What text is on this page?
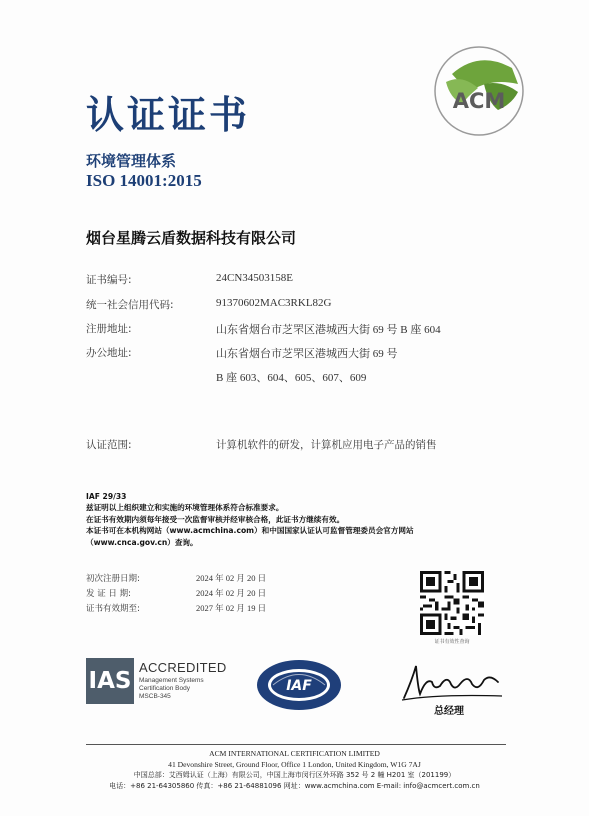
ACM
认证证书
环境管理体系
ISO 14001:2015
烟台星腾云盾数据科技有限公司
证书编号:	24CN34503158E
统一社会信用代码:	91370602MAC3RKL82G
注册地址:	山东省烟台市芝罘区港城西大街 69 号 B 座 604
办公地址:	山东省烟台市芝罘区港城西大街 69 号
B 座 603、604、605、607、609
认证范围:	计算机软件的研发，计算机应用电子产品的销售
IAF 29/33
兹证明以上组织建立和实施的环境管理体系符合标准要求。
在证书有效期内须每年接受一次监督审核并经审核合格，此证书方继续有效。
本证书可在本机构网站（www.acmchina.com）和中国国家认证认可监督管理委员会官方网站
（www.cnca.gov.cn）查询。
初次注册日期:	2024 年 02 月 20 日
发 证 日 期:	2024 年 02 月 20 日
证书有效期至:	2027 年 02 月 19 日
证书有效性查询
IAS
ACCREDITED
Management Systems
Certification Body
MSCB-345
IAF
总经理
ACM INTERNATIONAL CERTIFICATION LIMITED
41 Devonshire Street, Ground Floor, Office 1 London, United Kingdom, W1G 7AJ
中国总部：艾西姆认证（上海）有限公司，中国上海市闵行区外环路 352 号 2 幢 H201 室（201199）
电话：+86 21-64305860 传真：+86 21-64881096 网址：www.acmchina.com E-mail: info@acmcert.com.cn
